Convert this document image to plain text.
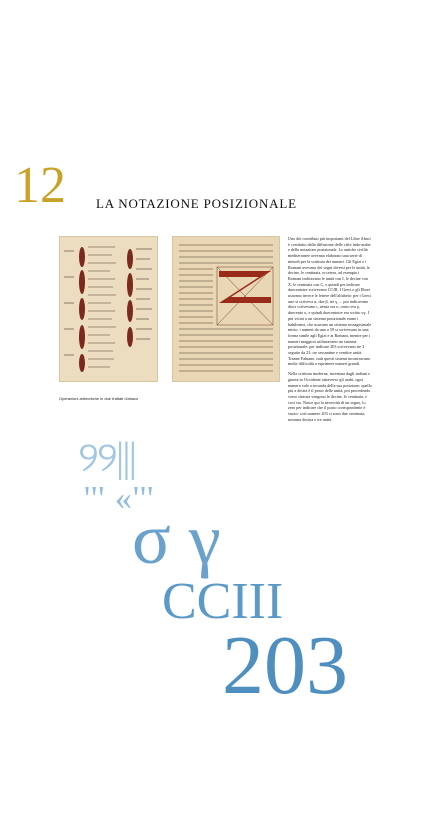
12 LA NOTAZIONE POSIZIONALE
Operazioni aritmetiche in due trattati d'abaco

Uno dei contributi più importanti del Liber Abaci è costituito dalla diffusione delle cifre indo-arabe e della notazione posizionale. Le antiche civiltà mediterranee avevano elaborato una serie di metodi per la scrittura dei numeri. Gli Egizi e i Romani avevano dei segni diversi per le unità, le decine, le centinaia, eccetera, ad esempio i Romani indicavano le unità con I, le decine con X, le centinaia con C, e quindi per indicare duecentotre scrivevano CCIII. I Greci e gli Ebrei usavano invece le lettere dell'alfabeto: per i Greci uno si scriveva α, due β, tre γ, ... poi indicavano dieci scrivevano ι, trenta era κ, cento era ρ, duecento σ, e quindi duecentotre era scritto σγ. I più vicini a un sistema posizionale erano i babilonesi, che usavano un sistema sessagesimale misto: i numeri da uno a 59 si scrivevano in una forma simile agli Egizi e ai Romani, mentre per i numeri maggiori utilizzavano un sistema posizionale: per indicare 203 scrivevano tre 3 seguito da 23: tre sessantine e ventitre unità. Tranne Fabiano, tutti questi sistemi incontravano molte difficoltà a esprimere numeri grandi.

Nella scrittura moderna, inventata dagli indiani e giunta in Occidente attraverso gli arabi, ogni numero vale a seconda della sua posizione; quello più a destra è il posto delle unità, poi procedendo verso sinistra vengono le decine, le centinaia, e così via. Nasce qui la necessità di un segno, lo zero per indicare che il posto corrispondente è vuoto: così numero 203 ci sono due centinaia, nessuna decina e tre unità.

୨୨|||
''' «'''
σ γ
CCIII
203
